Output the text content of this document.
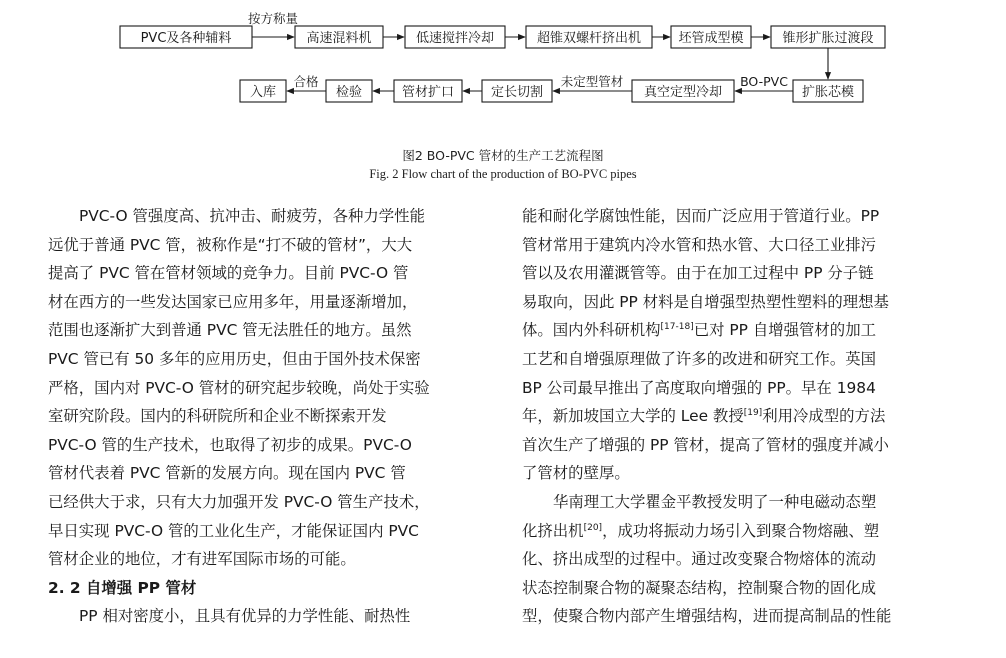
PVC及各种辅料	高速混料机	低速搅拌冷却	超锥双螺杆挤出机	坯管成型模	锥形扩胀过渡段
扩胀芯模
真空定型冷却
定长切割
管材扩口
检验
入库
按方称量
BO-PVC
未定型管材
合格
图2 BO-PVC 管材的生产工艺流程图
Fig. 2 Flow chart of the production of BO-PVC pipes
PVC-O 管强度高、抗冲击、耐疲劳，各种力学性能
远优于普通 PVC 管，被称作是“打不破的管材”，大大
提高了 PVC 管在管材领域的竞争力。目前 PVC-O 管
材在西方的一些发达国家已应用多年，用量逐渐增加，
范围也逐渐扩大到普通 PVC 管无法胜任的地方。虽然
PVC 管已有 50 多年的应用历史，但由于国外技术保密
严格，国内对 PVC-O 管材的研究起步较晚，尚处于实验
室研究阶段。国内的科研院所和企业不断探索开发
PVC-O 管的生产技术，也取得了初步的成果。PVC-O
管材代表着 PVC 管新的发展方向。现在国内 PVC 管
已经供大于求，只有大力加强开发 PVC-O 管生产技术，
早日实现 PVC-O 管的工业化生产，才能保证国内 PVC
管材企业的地位，才有进军国际市场的可能。
2. 2 自增强 PP 管材
PP 相对密度小，且具有优异的力学性能、耐热性
能和耐化学腐蚀性能，因而广泛应用于管道行业。PP
管材常用于建筑内冷水管和热水管、大口径工业排污
管以及农用灌溉管等。由于在加工过程中 PP 分子链
易取向，因此 PP 材料是自增强型热塑性塑料的理想基
体。国内外科研机构[17-18]已对 PP 自增强管材的加工
工艺和自增强原理做了许多的改进和研究工作。英国
BP 公司最早推出了高度取向增强的 PP。早在 1984
年，新加坡国立大学的 Lee 教授[19]利用冷成型的方法
首次生产了增强的 PP 管材，提高了管材的强度并减小
了管材的壁厚。
华南理工大学瞿金平教授发明了一种电磁动态塑
化挤出机[20]，成功将振动力场引入到聚合物熔融、塑
化、挤出成型的过程中。通过改变聚合物熔体的流动
状态控制聚合物的凝聚态结构，控制聚合物的固化成
型，使聚合物内部产生增强结构，进而提高制品的性能
